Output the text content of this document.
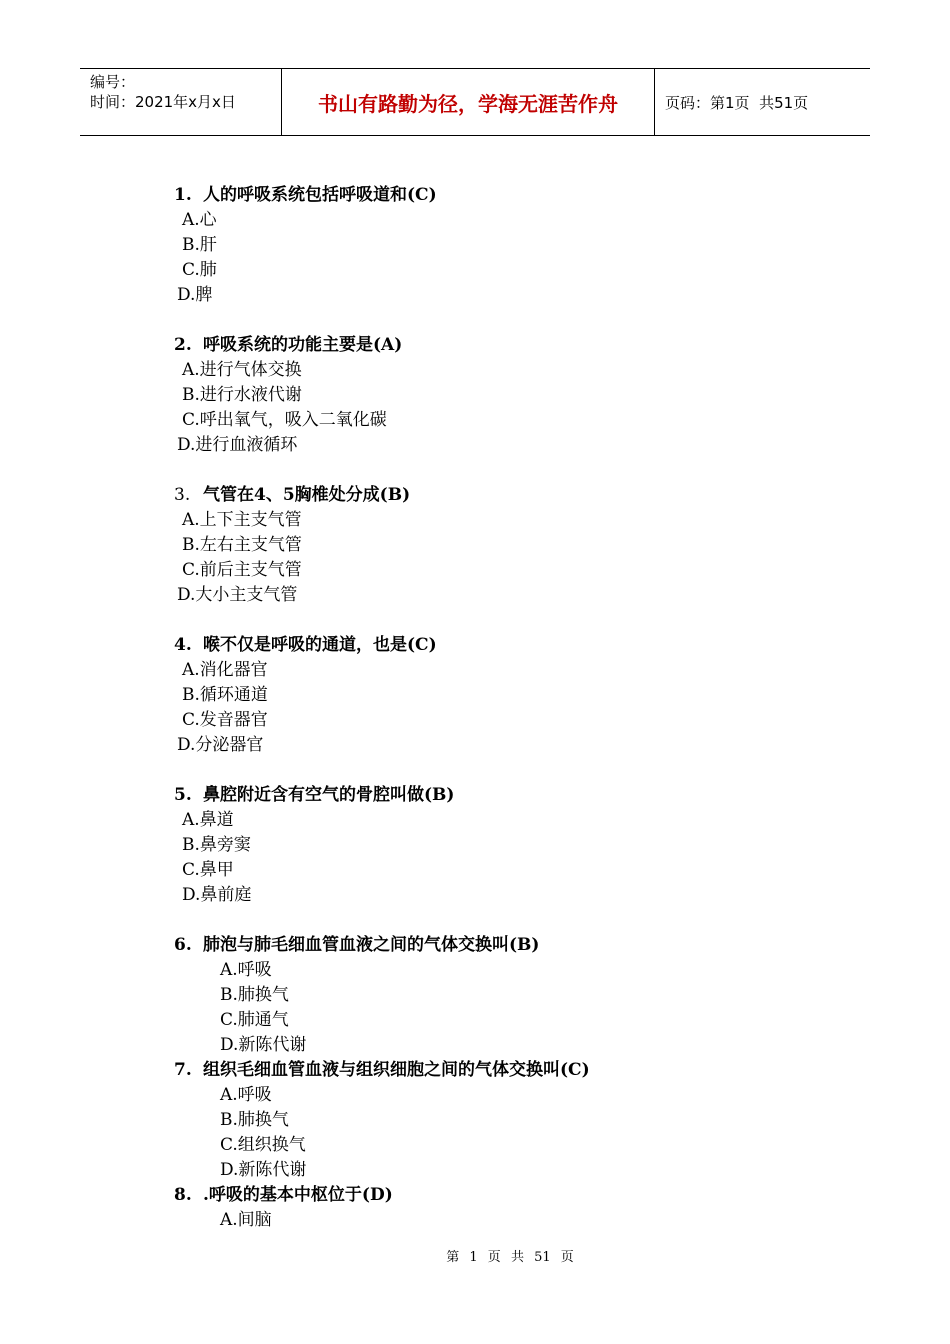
编号：
时间：2021年x月x日	书山有路勤为径，学海无涯苦作舟	页码：第1页  共51页
1. 人的呼吸系统包括呼吸道和(C)
A.心
B.肝
C.肺
D.脾
2. 呼吸系统的功能主要是(A)
A.进行气体交换
B.进行水液代谢
C.呼出氧气，吸入二氧化碳
D.进行血液循环
3. 气管在4、5胸椎处分成(B)
A.上下主支气管
B.左右主支气管
C.前后主支气管
D.大小主支气管
4. 喉不仅是呼吸的通道，也是(C)
A.消化器官
B.循环通道
C.发音器官
D.分泌器官
5. 鼻腔附近含有空气的骨腔叫做(B)
A.鼻道
B.鼻旁窦
C.鼻甲
D.鼻前庭
6. 肺泡与肺毛细血管血液之间的气体交换叫(B)
A.呼吸
B.肺换气
C.肺通气
D.新陈代谢
7. 组织毛细血管血液与组织细胞之间的气体交换叫(C)
A.呼吸
B.肺换气
C.组织换气
D.新陈代谢
8. .呼吸的基本中枢位于(D)
A.间脑
第 1 页 共 51 页
